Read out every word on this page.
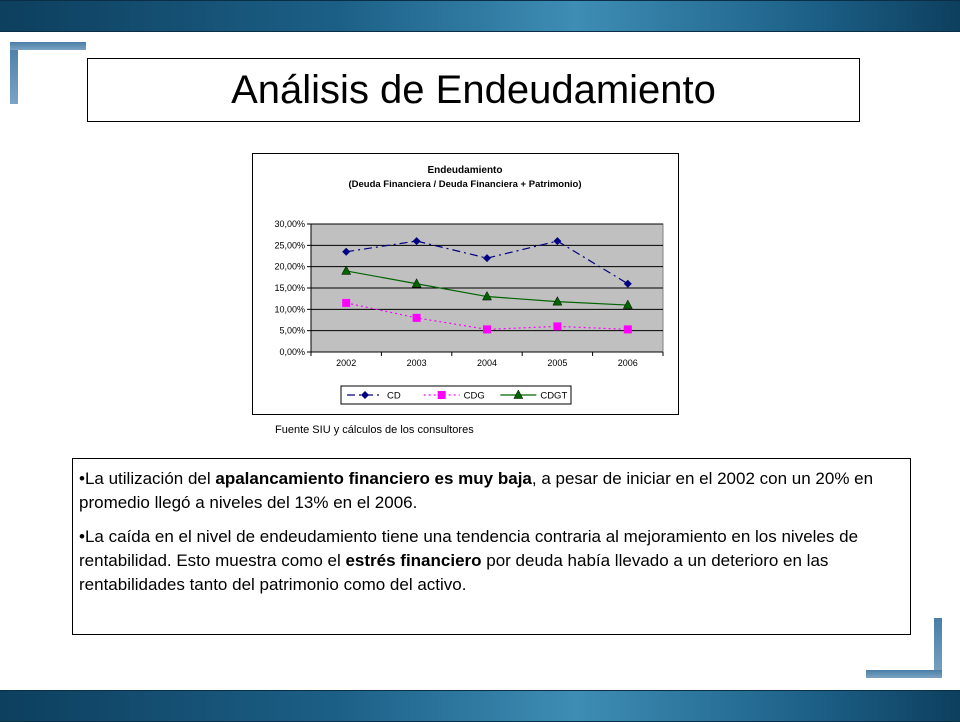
Análisis de Endeudamiento
Endeudamiento
(Deuda Financiera / Deuda Financiera + Patrimonio)
0,00%
5,00%
10,00%
15,00%
20,00%
25,00%
30,00%
2002	2003	2004	2005	2006
CD	CDG	CDGT
Fuente SIU y cálculos de los consultores

•La utilización del apalancamiento financiero es muy baja, a pesar de iniciar en el 2002 con un 20% en promedio llegó a niveles del 13% en el 2006.

•La caída en el nivel de endeudamiento tiene una tendencia contraria al mejoramiento en los niveles de rentabilidad. Esto muestra como el estrés financiero por deuda había llevado a un deterioro en las rentabilidades tanto del patrimonio como del activo.
